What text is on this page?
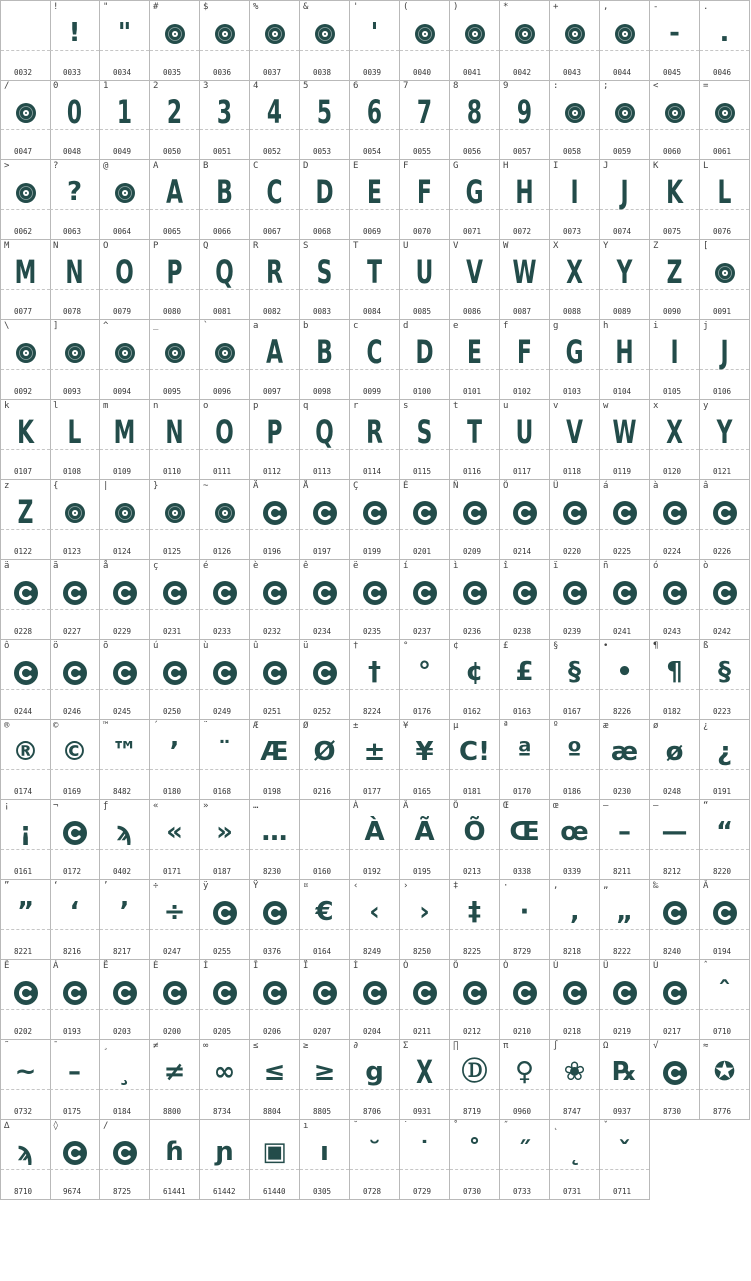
0032
!
!
0033
"
"
0034
#
0035
$
0036
%
0037
&
0038
'
'
0039
(
0040
)
0041
*
0042
+
0043
,
0044
-
-
0045
.
.
0046
/
0047
0
0
0048
1
1
0049
2
2
0050
3
3
0051
4
4
0052
5
5
0053
6
6
0054
7
7
0055
8
8
0056
9
9
0057
:
0058
;
0059
<
0060
=
0061
>
0062
?
?
0063
@
0064
A
A
0065
B
B
0066
C
C
0067
D
D
0068
E
E
0069
F
F
0070
G
G
0071
H
H
0072
I
I
0073
J
J
0074
K
K
0075
L
L
0076
M
M
0077
N
N
0078
O
O
0079
P
P
0080
Q
Q
0081
R
R
0082
S
S
0083
T
T
0084
U
U
0085
V
V
0086
W
W
0087
X
X
0088
Y
Y
0089
Z
Z
0090
[
0091
\
0092
]
0093
^
0094
_
0095
`
0096
a
A
0097
b
B
0098
c
C
0099
d
D
0100
e
E
0101
f
F
0102
g
G
0103
h
H
0104
i
I
0105
j
J
0106
k
K
0107
l
L
0108
m
M
0109
n
N
0110
o
O
0111
p
P
0112
q
Q
0113
r
R
0114
s
S
0115
t
T
0116
u
U
0117
v
V
0118
w
W
0119
x
X
0120
y
Y
0121
z
Z
0122
{
0123
|
0124
}
0125
~
0126
Ä
0196
Å
0197
Ç
0199
É
0201
Ñ
0209
Ö
0214
Ü
0220
á
0225
à
0224
â
0226
ä
0228
ã
0227
å
0229
ç
0231
é
0233
è
0232
ê
0234
ë
0235
í
0237
ì
0236
î
0238
ï
0239
ñ
0241
ó
0243
ò
0242
ô
0244
ö
0246
õ
0245
ú
0250
ù
0249
û
0251
ü
0252
†
†
8224
°
°
0176
¢
¢
0162
£
£
0163
§
§
0167
•
•
8226
¶
¶
0182
ß
§
0223
®
®
0174
©
©
0169
™
™
8482
´
’
0180
¨
¨
0168
Æ
Æ
0198
Ø
Ø
0216
±
±
0177
¥
¥
0165
µ
C!
0181
ª
ª
0170
º
º
0186
æ
æ
0230
ø
ø
0248
¿
¿
0191
¡
¡
0161
¬
0172
ƒ
ϡ
0402
«
«
0171
»
»
0187
…
…
8230	0160
À
À
0192
Ã
Ã
0195
Õ
Õ
0213
Œ
Œ
0338
œ
œ
0339
–
–
8211
—
—
8212
“
“
8220
”
”
8221
‘
‘
8216
’
’
8217
÷
÷
0247
ÿ
0255
Ÿ
0376
¤
€
0164
‹
‹
8249
›
›
8250
‡
‡
8225
·
·
8729
‚
‚
8218
„
„
8222
‰
8240
Â
0194
Ê
0202
Á
0193
Ë
0203
È
0200
Í
0205
Î
0206
Ï
0207
Ì
0204
Ó
0211
Ô
0212
Ò
0210
Ú
0218
Û
0219
Ù
0217
ˆ
ˆ
0710
˜
~
0732
¯
–
0175
¸
¸
0184
≠
≠
8800
∞
∞
8734
≤
≤
8804
≥
≥
8805
∂
g
8706
Σ
X
0931
∏
Ⓓ
8719
π
♀
0960
∫
❀
8747
Ω
℞
0937
√
8730
≈
✪
8776
∆
ϡ
8710
◊
9674
/
8725
ɦ
61441
ɲ
61442
▣
61440
ı
ı
0305
˘
˘
0728
˙
˙
0729
˚
˚
0730
˝
˝
0733
˛
˛
0731
ˇ
ˇ
0711
